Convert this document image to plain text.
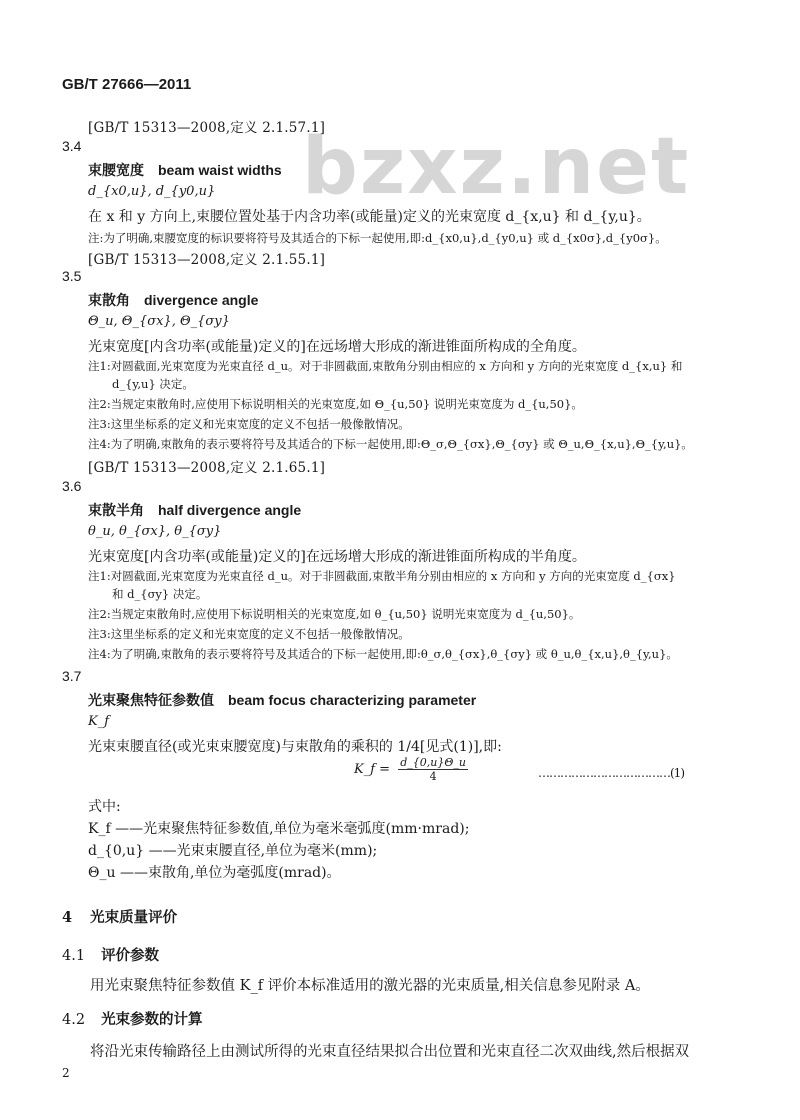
GB/T 27666—2011
bzxz.net
[GB/T 15313—2008,定义 2.1.57.1]
3.4
束腰宽度 beam waist widths
d_{x0,u}, d_{y0,u}
在 x 和 y 方向上,束腰位置处基于内含功率(或能量)定义的光束宽度 d_{x,u} 和 d_{y,u}。
注:为了明确,束腰宽度的标识要将符号及其适合的下标一起使用,即:d_{x0,u},d_{y0,u} 或 d_{x0σ},d_{y0σ}。
[GB/T 15313—2008,定义 2.1.55.1]
3.5
束散角 divergence angle
Θ_u, Θ_{σx}, Θ_{σy}
光束宽度[内含功率(或能量)定义的]在远场增大形成的渐进锥面所构成的全角度。
注1:对圆截面,光束宽度为光束直径 d_u。对于非圆截面,束散角分别由相应的 x 方向和 y 方向的光束宽度 d_{x,u} 和
d_{y,u} 决定。
注2:当规定束散角时,应使用下标说明相关的光束宽度,如 Θ_{u,50} 说明光束宽度为 d_{u,50}。
注3:这里坐标系的定义和光束宽度的定义不包括一般像散情况。
注4:为了明确,束散角的表示要将符号及其适合的下标一起使用,即:Θ_σ,Θ_{σx},Θ_{σy} 或 Θ_u,Θ_{x,u},Θ_{y,u}。
[GB/T 15313—2008,定义 2.1.65.1]
3.6
束散半角 half divergence angle
θ_u, θ_{σx}, θ_{σy}
光束宽度[内含功率(或能量)定义的]在远场增大形成的渐进锥面所构成的半角度。
注1:对圆截面,光束宽度为光束直径 d_u。对于非圆截面,束散半角分别由相应的 x 方向和 y 方向的光束宽度 d_{σx}
和 d_{σy} 决定。
注2:当规定束散角时,应使用下标说明相关的光束宽度,如 θ_{u,50} 说明光束宽度为 d_{u,50}。
注3:这里坐标系的定义和光束宽度的定义不包括一般像散情况。
注4:为了明确,束散角的表示要将符号及其适合的下标一起使用,即:θ_σ,θ_{σx},θ_{σy} 或 θ_u,θ_{x,u},θ_{y,u}。
3.7
光束聚焦特征参数值 beam focus characterizing parameter
K_f
光束束腰直径(或光束束腰宽度)与束散角的乘积的 1/4[见式(1)],即:
K_f = $\frac{d\_\{0,u\}\Theta\_u}{4}$	………………………………(1)
式中:
K_f ——光束聚焦特征参数值,单位为毫米毫弧度(mm·mrad);
d_{0,u} ——光束束腰直径,单位为毫米(mm);
Θ_u ——束散角,单位为毫弧度(mrad)。
4 光束质量评价
4.1 评价参数
用光束聚焦特征参数值 K_f 评价本标准适用的激光器的光束质量,相关信息参见附录 A。
4.2 光束参数的计算
将沿光束传输路径上由测试所得的光束直径结果拟合出位置和光束直径二次双曲线,然后根据双
2
